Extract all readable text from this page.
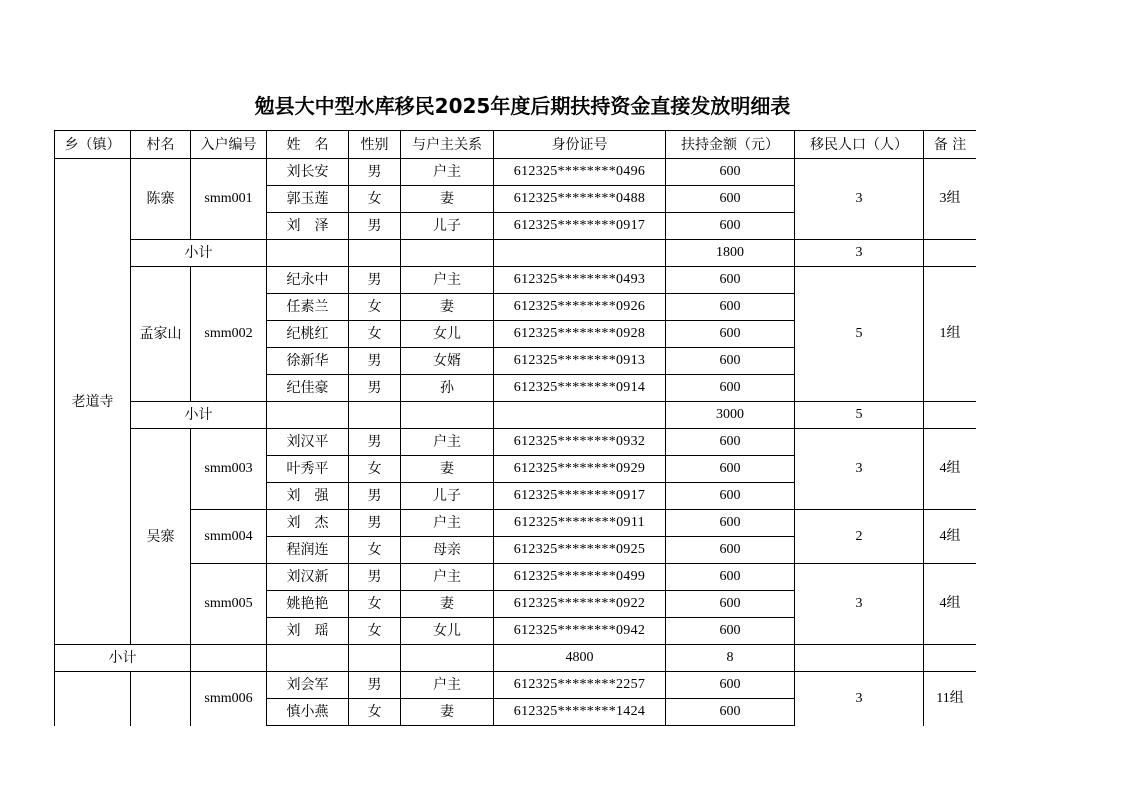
勉县大中型水库移民2025年度后期扶持资金直接发放明细表
乡（镇）	村名	入户编号	姓　名	性别	与户主关系	身份证号	扶持金额（元）	移民人口（人）	备 注
老道寺	陈寨	smm001	刘长安	男	户主	612325********0496	600	3	3组
			郭玉莲	女	妻	612325********0488	600		
			刘　泽	男	儿子	612325********0917	600		
	小计						1800	3	
	孟家山	smm002	纪永中	男	户主	612325********0493	600	5	1组
			任素兰	女	妻	612325********0926	600		
			纪桃红	女	女儿	612325********0928	600		
			徐新华	男	女婿	612325********0913	600		
			纪佳豪	男	孙	612325********0914	600		
	小计						3000	5	
	吴寨	smm003	刘汉平	男	户主	612325********0932	600	3	4组
			叶秀平	女	妻	612325********0929	600		
			刘　强	男	儿子	612325********0917	600		
		smm004	刘　杰	男	户主	612325********0911	600	2	4组
			程润连	女	母亲	612325********0925	600		
		smm005	刘汉新	男	户主	612325********0499	600	3	4组
			姚艳艳	女	妻	612325********0922	600		
			刘　瑶	女	女儿	612325********0942	600		
小计						4800	8		
		smm006	刘会军	男	户主	612325********2257	600	3	11组
			慎小燕	女	妻	612325********1424	600		
